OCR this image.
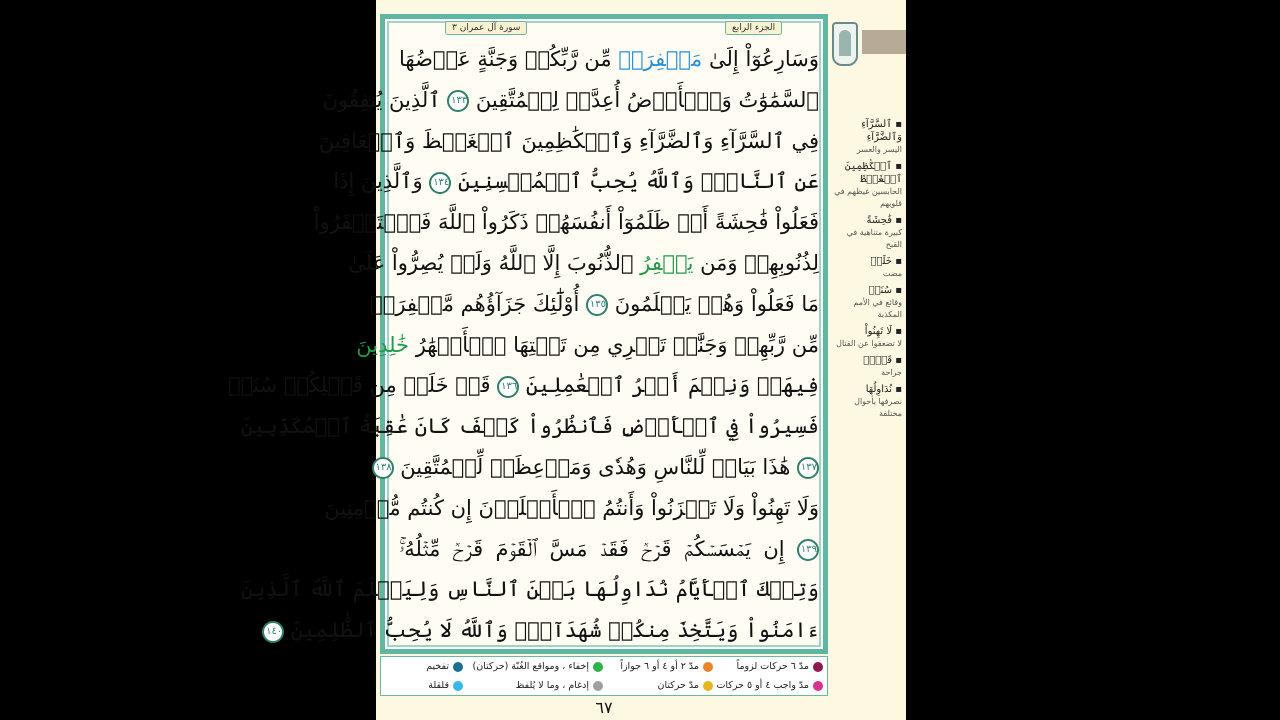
سورة آل عمران ٣	الجزء الرابع
وَسَارِعُوٓاْ إِلَىٰ مَغۡفِرَةٖ مِّن رَّبِّكُمۡ وَجَنَّةٍ عَرۡضُهَا
ٱلسَّمَٰوَٰتُ وَٱلۡأَرۡضُ أُعِدَّتۡ لِلۡمُتَّقِينَ ١٣٣ ٱلَّذِينَ يُنفِقُونَ
فِي ٱلسَّرَّآءِ وَٱلضَّرَّآءِ وَٱلۡكَٰظِمِينَ ٱلۡغَيۡظَ وَٱلۡعَافِينَ
عَنِ ٱلنَّاسِۗ وَٱللَّهُ يُحِبُّ ٱلۡمُحۡسِنِينَ ١٣٤ وَٱلَّذِينَ إِذَا
فَعَلُواْ فَٰحِشَةً أَوۡ ظَلَمُوٓاْ أَنفُسَهُمۡ ذَكَرُواْ ٱللَّهَ فَٱسۡتَغۡفَرُواْ
لِذُنُوبِهِمۡ وَمَن يَغۡفِرُ ٱلذُّنُوبَ إِلَّا ٱللَّهُ وَلَمۡ يُصِرُّواْ عَلَىٰ
مَا فَعَلُواْ وَهُمۡ يَعۡلَمُونَ ١٣٥ أُوْلَٰٓئِكَ جَزَآؤُهُم مَّغۡفِرَةٞ
مِّن رَّبِّهِمۡ وَجَنَّٰتٞ تَجۡرِي مِن تَحۡتِهَا ٱلۡأَنۡهَٰرُ خَٰلِدِينَ
فِيهَاۚ وَنِعۡمَ أَجۡرُ ٱلۡعَٰمِلِينَ ١٣٦ قَدۡ خَلَتۡ مِن قَبۡلِكُمۡ سُنَنٞ
فَسِيرُواْ فِي ٱلۡأَرۡضِ فَٱنظُرُواْ كَيۡفَ كَانَ عَٰقِبَةُ ٱلۡمُكَذِّبِينَ
١٣٧ هَٰذَا بَيَانٞ لِّلنَّاسِ وَهُدٗى وَمَوۡعِظَةٞ لِّلۡمُتَّقِينَ ١٣٨
وَلَا تَهِنُواْ وَلَا تَحۡزَنُواْ وَأَنتُمُ ٱلۡأَعۡلَوۡنَ إِن كُنتُم مُّؤۡمِنِينَ
١٣٩ إِن يَمۡسَسۡكُمۡ قَرۡحٞ فَقَدۡ مَسَّ ٱلۡقَوۡمَ قَرۡحٞ مِّثۡلُهُۥۚ
وَتِلۡكَ ٱلۡأَيَّامُ نُدَاوِلُهَا بَيۡنَ ٱلنَّاسِ وَلِيَعۡلَمَ ٱللَّهُ ٱلَّذِينَ
ءَامَنُواْ وَيَتَّخِذَ مِنكُمۡ شُهَدَآءَۗ وَٱللَّهُ لَا يُحِبُّ ٱلظَّٰلِمِينَ ١٤٠
▪ ٱلسَّرَّآءِ وَٱلضَّرَّآءِ
اليسر والعسر
▪ ٱلۡكَٰظِمِينَ ٱلۡغَيۡظَ
الحابسين غيظهم في قلوبهم
▪ فَٰحِشَةً
كبيرة متناهية في القبح
▪ خَلَتۡ
مضت
▪ سُنَنٞ
وقائع في الأمم المكذبة
▪ لَا تَهِنُواْ
لا تضعفوا عن القتال
▪ قَرۡحٞ
جراحة
▪ نُدَاوِلُهَا
نصرفها بأحوال مختلفة
مدّ ٦ حركات لزوماً
مدّ ٢ أو ٤ أو ٦ جوازاً
إخفاء ، ومواقع الغُنّة (حركتان)
تفخيم
مدّ واجب ٤ أو ٥ حركات
مدّ حركتان
إدغام ، وما لا يُلفظ
قلقلة
٦٧
